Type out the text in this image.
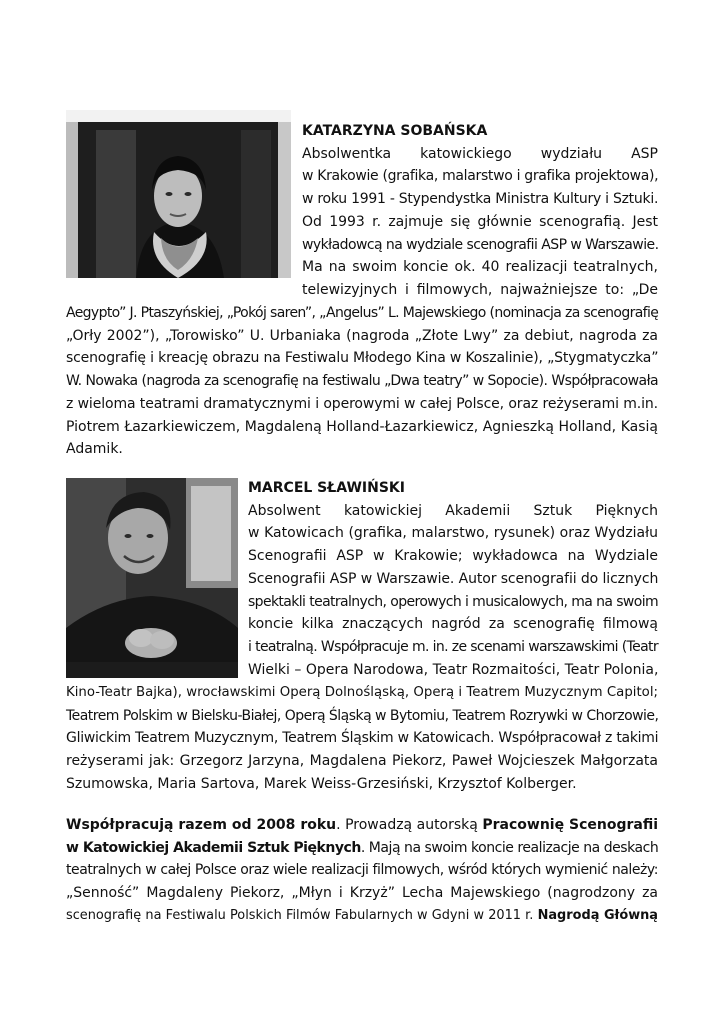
KATARZYNA SOBAŃSKA
Absolwentka katowickiego wydziału ASP
w Krakowie (grafika, malarstwo i grafika projektowa),
w roku 1991 - Stypendystka Ministra Kultury i Sztuki.
Od 1993 r. zajmuje się głównie scenografią. Jest
wykładowcą na wydziale scenografii ASP w Warszawie.
Ma na swoim koncie ok. 40 realizacji teatralnych,
telewizyjnych i filmowych, najważniejsze to: „De
Aegypto” J. Ptaszyńskiej, „Pokój saren”, „Angelus” L. Majewskiego (nominacja za scenografię
„Orły 2002”), „Torowisko” U. Urbaniaka (nagroda „Złote Lwy” za debiut, nagroda za
scenografię i kreację obrazu na Festiwalu Młodego Kina w Koszalinie), „Stygmatyczka”
W. Nowaka (nagroda za scenografię na festiwalu „Dwa teatry” w Sopocie). Współpracowała
z wieloma teatrami dramatycznymi i operowymi w całej Polsce, oraz reżyserami m.in.
Piotrem Łazarkiewiczem, Magdaleną Holland-Łazarkiewicz, Agnieszką Holland, Kasią
Adamik.
MARCEL SŁAWIŃSKI
Absolwent katowickiej Akademii Sztuk Pięknych
w Katowicach (grafika, malarstwo, rysunek) oraz Wydziału
Scenografii ASP w Krakowie; wykładowca na Wydziale
Scenografii ASP w Warszawie. Autor scenografii do licznych
spektakli teatralnych, operowych i musicalowych, ma na swoim
koncie kilka znaczących nagród za scenografię filmową
i teatralną. Współpracuje m. in. ze scenami warszawskimi (Teatr
Wielki – Opera Narodowa, Teatr Rozmaitości, Teatr Polonia,
Kino-Teatr Bajka), wrocławskimi Operą Dolnośląską, Operą i Teatrem Muzycznym Capitol;
Teatrem Polskim w Bielsku-Białej, Operą Śląską w Bytomiu, Teatrem Rozrywki w Chorzowie,
Gliwickim Teatrem Muzycznym, Teatrem Śląskim w Katowicach. Współpracował z takimi
reżyserami jak: Grzegorz Jarzyna, Magdalena Piekorz, Paweł Wojcieszek Małgorzata
Szumowska, Maria Sartova, Marek Weiss-Grzesiński, Krzysztof Kolberger.
Współpracują razem od 2008 roku. Prowadzą autorską Pracownię Scenografii
w Katowickiej Akademii Sztuk Pięknych. Mają na swoim koncie realizacje na deskach
teatralnych w całej Polsce oraz wiele realizacji filmowych, wśród których wymienić należy:
„Senność” Magdaleny Piekorz, „Młyn i Krzyż” Lecha Majewskiego (nagrodzony za
scenografię na Festiwalu Polskich Filmów Fabularnych w Gdyni w 2011 r. Nagrodą Główną
